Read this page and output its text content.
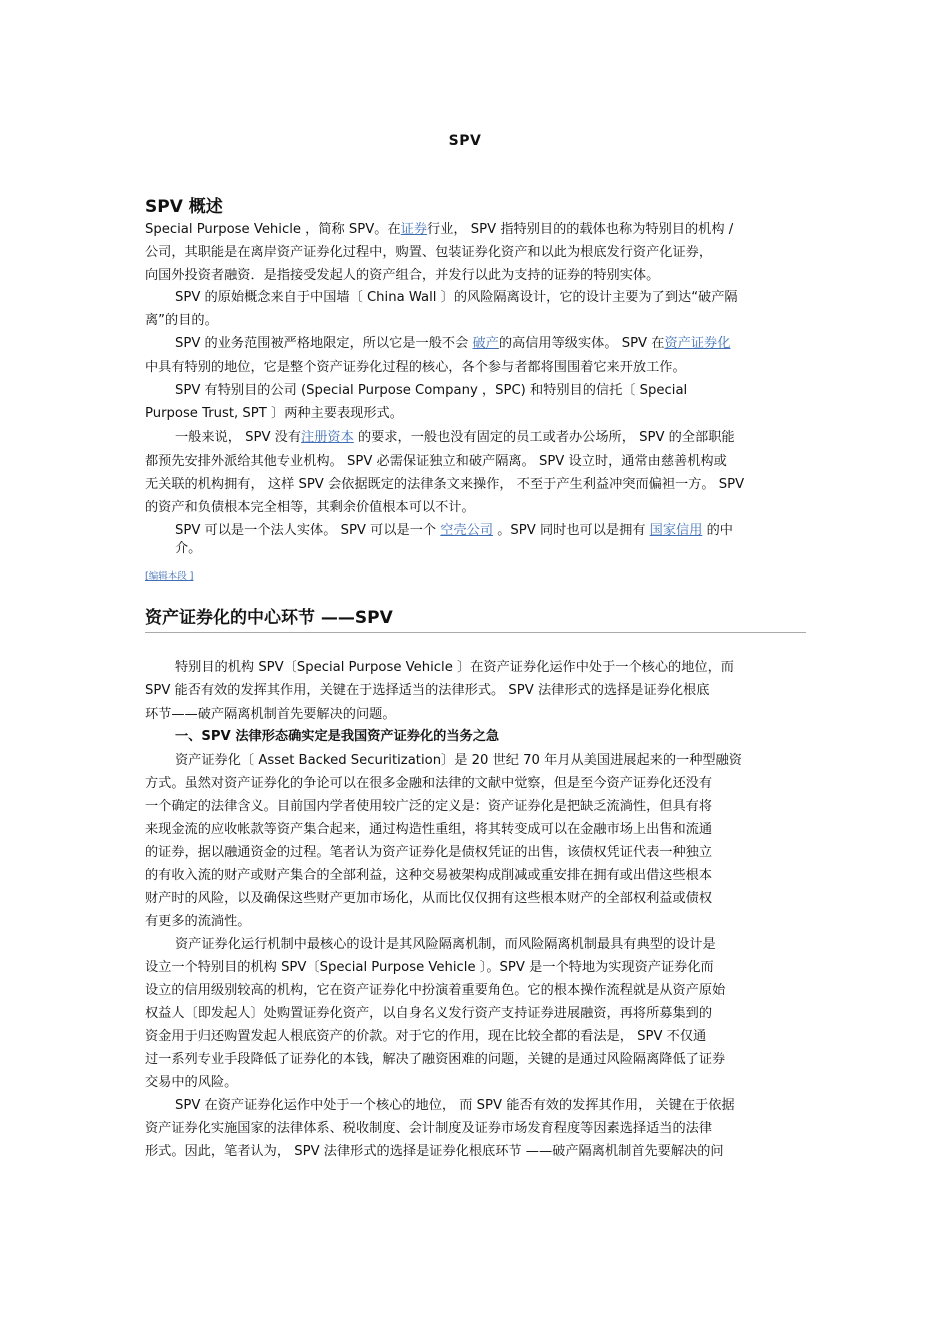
SPV
SPV 概述
Special Purpose Vehicle ，简称 SPV。在证券行业， SPV 指特别目的的载体也称为特别目的机构 /
公司，其职能是在离岸资产证券化过程中，购置、包装证券化资产和以此为根底发行资产化证券，
向国外投资者融资．是指接受发起人的资产组合，并发行以此为支持的证券的特别实体。
SPV 的原始概念来自于中国墙〔 China Wall 〕的风险隔离设计，它的设计主要为了到达“破产隔
离”的目的。
SPV 的业务范围被严格地限定，所以它是一般不会 破产的高信用等级实体。 SPV 在资产证券化
中具有特别的地位，它是整个资产证券化过程的核心，各个参与者都将围围着它来开放工作。
SPV 有特别目的公司 (Special Purpose Company ，SPC) 和特别目的信托〔 Special
Purpose Trust, SPT 〕两种主要表现形式。
一般来说， SPV 没有注册资本 的要求，一般也没有固定的员工或者办公场所， SPV 的全部职能
都预先安排外派给其他专业机构。 SPV 必需保证独立和破产隔离。 SPV 设立时，通常由慈善机构或
无关联的机构拥有， 这样 SPV 会依据既定的法律条文来操作， 不至于产生利益冲突而偏袒一方。 SPV
的资产和负债根本完全相等，其剩余价值根本可以不计。
SPV 可以是一个法人实体。 SPV 可以是一个 空壳公司 。SPV 同时也可以是拥有 国家信用 的中
介。
[编辑本段 ]
资产证券化的中心环节 ——SPV
特别目的机构 SPV〔Special Purpose Vehicle 〕在资产证券化运作中处于一个核心的地位，而
SPV 能否有效的发挥其作用，关键在于选择适当的法律形式。 SPV 法律形式的选择是证券化根底
环节——破产隔离机制首先要解决的问题。
资产证券化〔 Asset Backed Securitization〕是 20 世纪 70 年月从美国进展起来的一种型融资
方式。虽然对资产证券化的争论可以在很多金融和法律的文献中觉察，但是至今资产证券化还没有
一个确定的法律含义。目前国内学者使用较广泛的定义是：资产证券化是把缺乏流淌性，但具有将
来现金流的应收帐款等资产集合起来，通过构造性重组，将其转变成可以在金融市场上出售和流通
的证券，据以融通资金的过程。笔者认为资产证券化是债权凭证的出售，该债权凭证代表一种独立
的有收入流的财产或财产集合的全部利益，这种交易被架构成削减或重安排在拥有或出借这些根本
财产时的风险，以及确保这些财产更加市场化，从而比仅仅拥有这些根本财产的全部权利益或债权
有更多的流淌性。
资产证券化运行机制中最核心的设计是其风险隔离机制，而风险隔离机制最具有典型的设计是
设立一个特别目的机构 SPV〔Special Purpose Vehicle 〕。SPV 是一个特地为实现资产证券化而
设立的信用级别较高的机构，它在资产证券化中扮演着重要角色。它的根本操作流程就是从资产原始
权益人〔即发起人〕处购置证券化资产，以自身名义发行资产支持证券进展融资，再将所募集到的
资金用于归还购置发起人根底资产的价款。对于它的作用，现在比较全都的看法是， SPV 不仅通
过一系列专业手段降低了证券化的本钱，解决了融资困难的问题，关键的是通过风险隔离降低了证券
交易中的风险。
SPV 在资产证券化运作中处于一个核心的地位， 而 SPV 能否有效的发挥其作用， 关键在于依据
资产证券化实施国家的法律体系、税收制度、会计制度及证券市场发育程度等因素选择适当的法律
形式。因此，笔者认为， SPV 法律形式的选择是证券化根底环节 ——破产隔离机制首先要解决的问
一、SPV 法律形态确实定是我国资产证券化的当务之急
